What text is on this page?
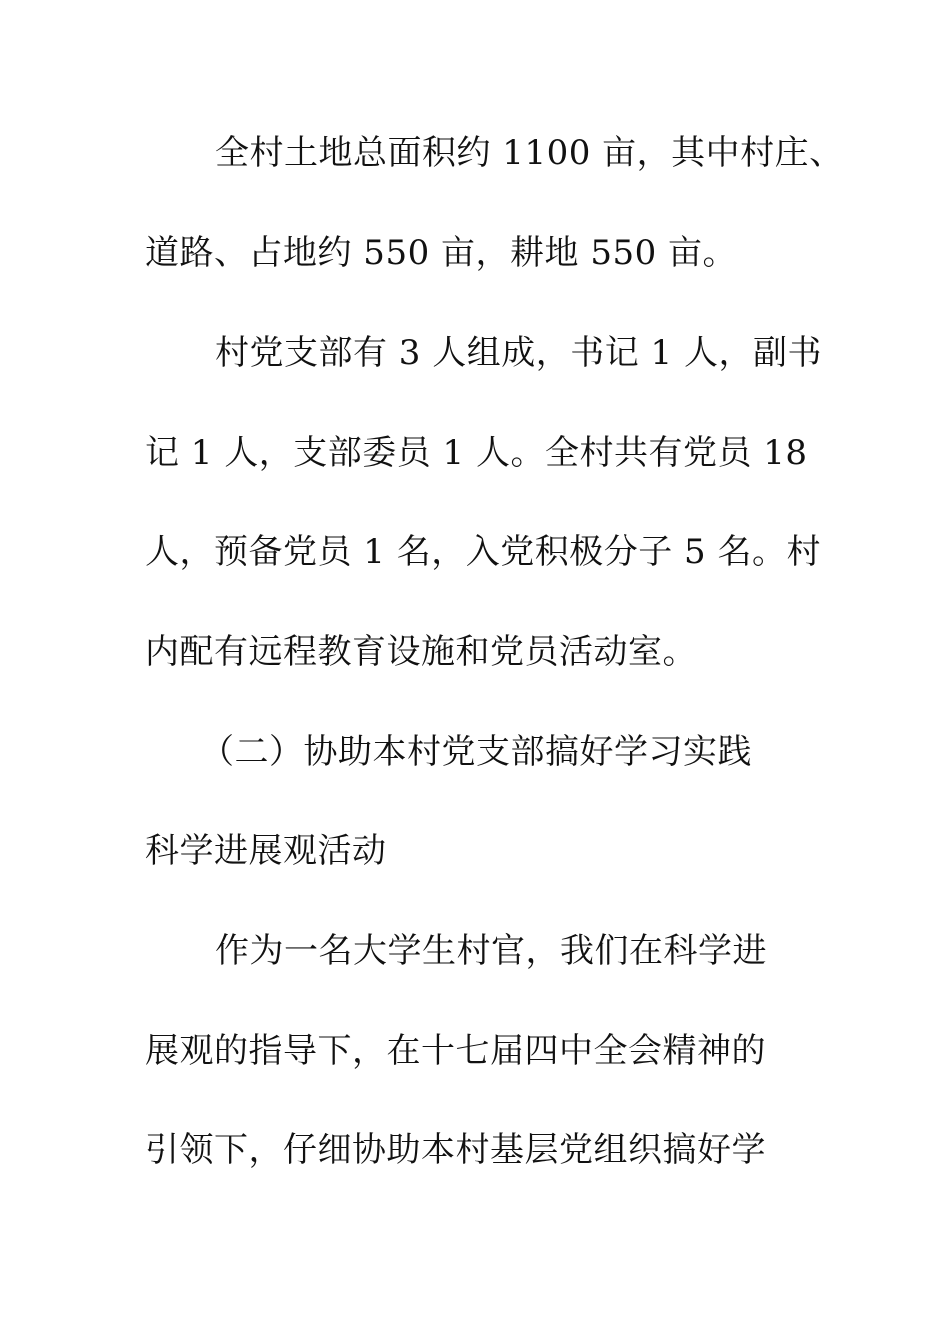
全村土地总面积约 1100 亩，其中村庄、
道路、占地约 550 亩，耕地 550 亩。
村党支部有 3 人组成，书记 1 人，副书
记 1 人，支部委员 1 人。全村共有党员 18
人，预备党员 1 名，入党积极分子 5 名。村
内配有远程教育设施和党员活动室。
（二）协助本村党支部搞好学习实践
科学进展观活动
作为一名大学生村官，我们在科学进
展观的指导下，在十七届四中全会精神的
引领下，仔细协助本村基层党组织搞好学
